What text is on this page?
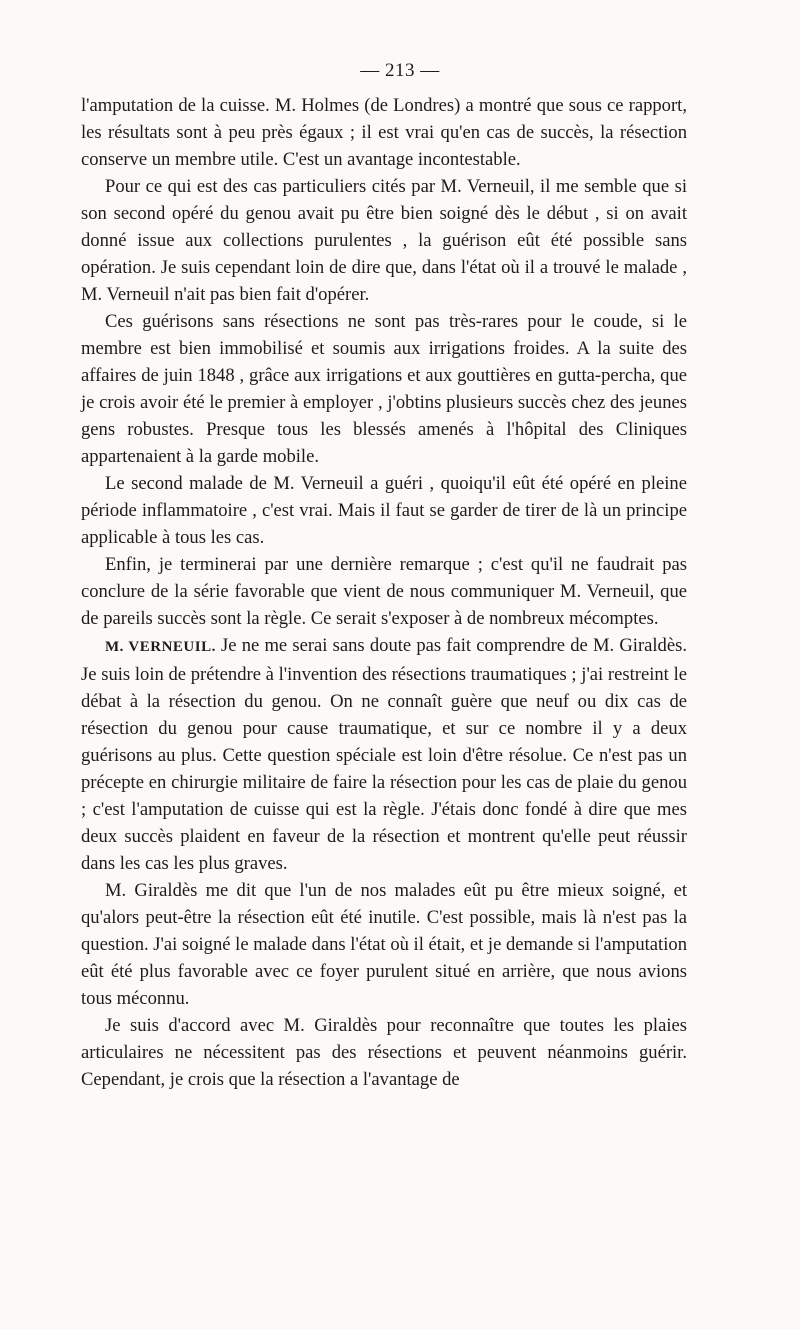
— 213 —

l'amputation de la cuisse. M. Holmes (de Londres) a montré que sous ce rapport, les résultats sont à peu près égaux ; il est vrai qu'en cas de succès, la résection conserve un membre utile. C'est un avantage incontestable.

Pour ce qui est des cas particuliers cités par M. Verneuil, il me semble que si son second opéré du genou avait pu être bien soigné dès le début , si on avait donné issue aux collections purulentes , la guérison eût été possible sans opération. Je suis cependant loin de dire que, dans l'état où il a trouvé le malade , M. Verneuil n'ait pas bien fait d'opérer.

Ces guérisons sans résections ne sont pas très-rares pour le coude, si le membre est bien immobilisé et soumis aux irrigations froides. A la suite des affaires de juin 1848 , grâce aux irrigations et aux gouttières en gutta-percha, que je crois avoir été le premier à employer , j'obtins plusieurs succès chez des jeunes gens robustes. Presque tous les blessés amenés à l'hôpital des Cliniques appartenaient à la garde mobile.

Le second malade de M. Verneuil a guéri , quoiqu'il eût été opéré en pleine période inflammatoire , c'est vrai. Mais il faut se garder de tirer de là un principe applicable à tous les cas.

Enfin, je terminerai par une dernière remarque ; c'est qu'il ne faudrait pas conclure de la série favorable que vient de nous communiquer M. Verneuil, que de pareils succès sont la règle. Ce serait s'exposer à de nombreux mécomptes.

M. VERNEUIL. Je ne me serai sans doute pas fait comprendre de M. Giraldès. Je suis loin de prétendre à l'invention des résections traumatiques ; j'ai restreint le débat à la résection du genou. On ne connaît guère que neuf ou dix cas de résection du genou pour cause traumatique, et sur ce nombre il y a deux guérisons au plus. Cette question spéciale est loin d'être résolue. Ce n'est pas un précepte en chirurgie militaire de faire la résection pour les cas de plaie du genou ; c'est l'amputation de cuisse qui est la règle. J'étais donc fondé à dire que mes deux succès plaident en faveur de la résection et montrent qu'elle peut réussir dans les cas les plus graves.

M. Giraldès me dit que l'un de nos malades eût pu être mieux soigné, et qu'alors peut-être la résection eût été inutile. C'est possible, mais là n'est pas la question. J'ai soigné le malade dans l'état où il était, et je demande si l'amputation eût été plus favorable avec ce foyer purulent situé en arrière, que nous avions tous méconnu.

Je suis d'accord avec M. Giraldès pour reconnaître que toutes les plaies articulaires ne nécessitent pas des résections et peuvent néanmoins guérir. Cependant, je crois que la résection a l'avantage de
